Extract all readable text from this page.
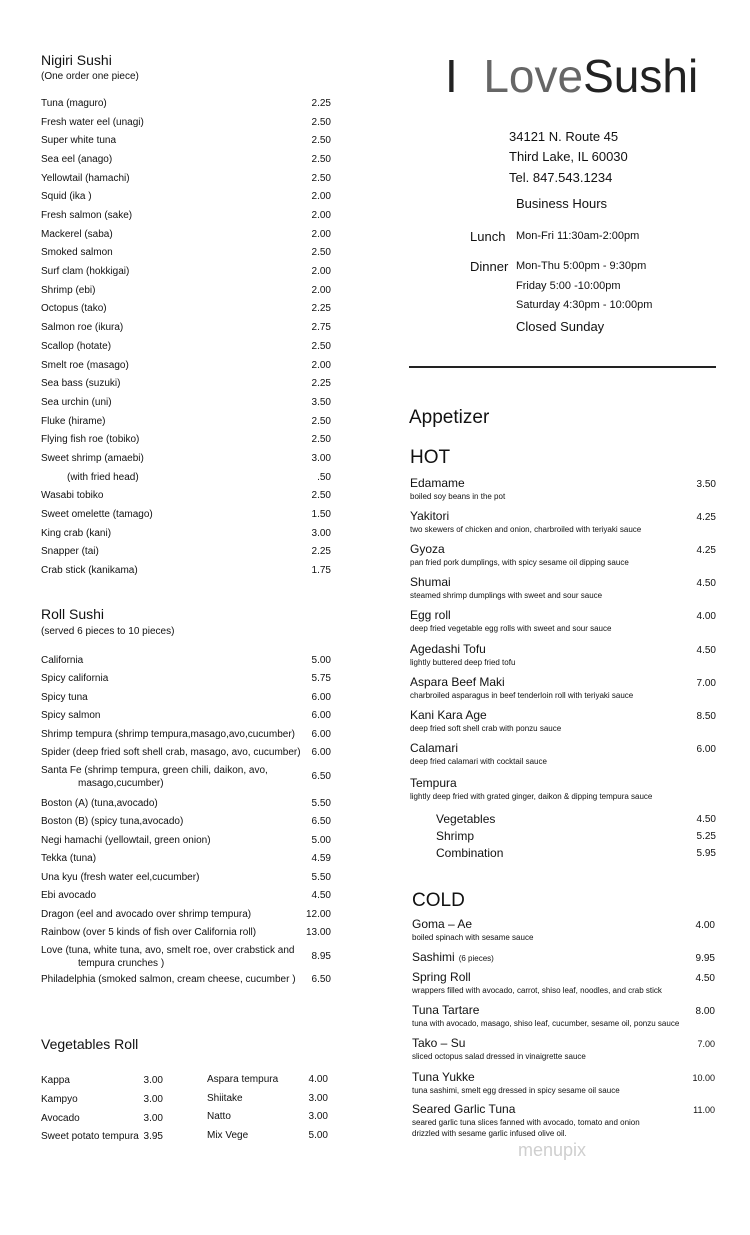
Nigiri Sushi
(One order one piece)
Tuna (maguro)	2.25
Fresh water eel (unagi)	2.50
Super white tuna	2.50
Sea eel (anago)	2.50
Yellowtail (hamachi)	2.50
Squid (ika )	2.00
Fresh salmon (sake)	2.00
Mackerel (saba)	2.00
Smoked salmon	2.50
Surf clam (hokkigai)	2.00
Shrimp (ebi)	2.00
Octopus (tako)	2.25
Salmon roe (ikura)	2.75
Scallop (hotate)	2.50
Smelt roe (masago)	2.00
Sea bass (suzuki)	2.25
Sea urchin (uni)	3.50
Fluke (hirame)	2.50
Flying fish roe (tobiko)	2.50
Sweet shrimp (amaebi)	3.00
(with fried head)	.50
Wasabi tobiko	2.50
Sweet omelette (tamago)	1.50
King crab (kani)	3.00
Snapper (tai)	2.25
Crab stick (kanikama)	1.75
Roll Sushi
(served 6 pieces to 10 pieces)
California	5.00
Spicy california	5.75
Spicy tuna	6.00
Spicy salmon	6.00
Shrimp tempura (shrimp tempura,masago,avo,cucumber) 6.00
Spider (deep fried soft shell crab, masago, avo, cucumber) 6.00
Santa Fe (shrimp tempura, green chili, daikon, avo,
masago,cucumber)
6.50
Boston (A) (tuna,avocado)	5.50
Boston (B) (spicy tuna,avocado)	6.50
Negi hamachi (yellowtail, green onion)	5.00
Tekka (tuna)	4.59
Una kyu (fresh water eel,cucumber)	5.50
Ebi avocado	4.50
Dragon (eel and avocado over shrimp tempura)	12.00
Rainbow (over 5 kinds of fish over California roll)	13.00
Love (tuna, white tuna, avo, smelt roe, over crabstick and
tempura crunches )
8.95
Philadelphia (smoked salmon, cream cheese, cucumber ) 6.50
Vegetables Roll
Kappa	3.00
Kampyo	3.00
Avocado	3.00
Sweet potato tempura 3.95
Aspara tempura	4.00
Shiitake	3.00
Natto	3.00
Mix Vege	5.00
I LoveSushi
34121 N. Route 45
Third Lake, IL 60030
Tel. 847.543.1234
Business Hours
Lunch Mon-Fri 11:30am-2:00pm
Dinner Mon-Thu 5:00pm - 9:30pm
Friday 5:00 -10:00pm
Saturday 4:30pm - 10:00pm
Closed Sunday
Appetizer
HOT
Edamame	3.50
boiled soy beans in the pot
Yakitori	4.25
two skewers of chicken and onion, charbroiled with teriyaki sauce
Gyoza	4.25
pan fried pork dumplings, with spicy sesame oil dipping sauce
Shumai	4.50
steamed shrimp dumplings with sweet and sour sauce
Egg roll	4.00
deep fried vegetable egg rolls with sweet and sour sauce
Agedashi Tofu	4.50
lightly buttered deep fried tofu
Aspara Beef Maki	7.00
charbroiled asparagus in beef tenderloin roll with teriyaki sauce
Kani Kara Age	8.50
deep fried soft shell crab with ponzu sauce
Calamari	6.00
deep fried calamari with cocktail sauce
Tempura
lightly deep fried with grated ginger, daikon & dipping tempura sauce
Vegetables	4.50
Shrimp	5.25
Combination	5.95
COLD
Goma – Ae	4.00
boiled spinach with sesame sauce
Sashimi (6 pieces)	9.95
Spring Roll	4.50
wrappers filled with avocado, carrot, shiso leaf, noodles, and crab stick
Tuna Tartare	8.00
tuna with avocado, masago, shiso leaf, cucumber, sesame oil, ponzu sauce
Tako – Su	7.00
sliced octopus salad dressed in vinaigrette sauce
Tuna Yukke	10.00
tuna sashimi, smelt egg dressed in spicy sesame oil sauce
Seared Garlic Tuna	11.00
seared garlic tuna slices fanned with avocado, tomato and onion
drizzled with sesame garlic infused olive oil.
menupix
